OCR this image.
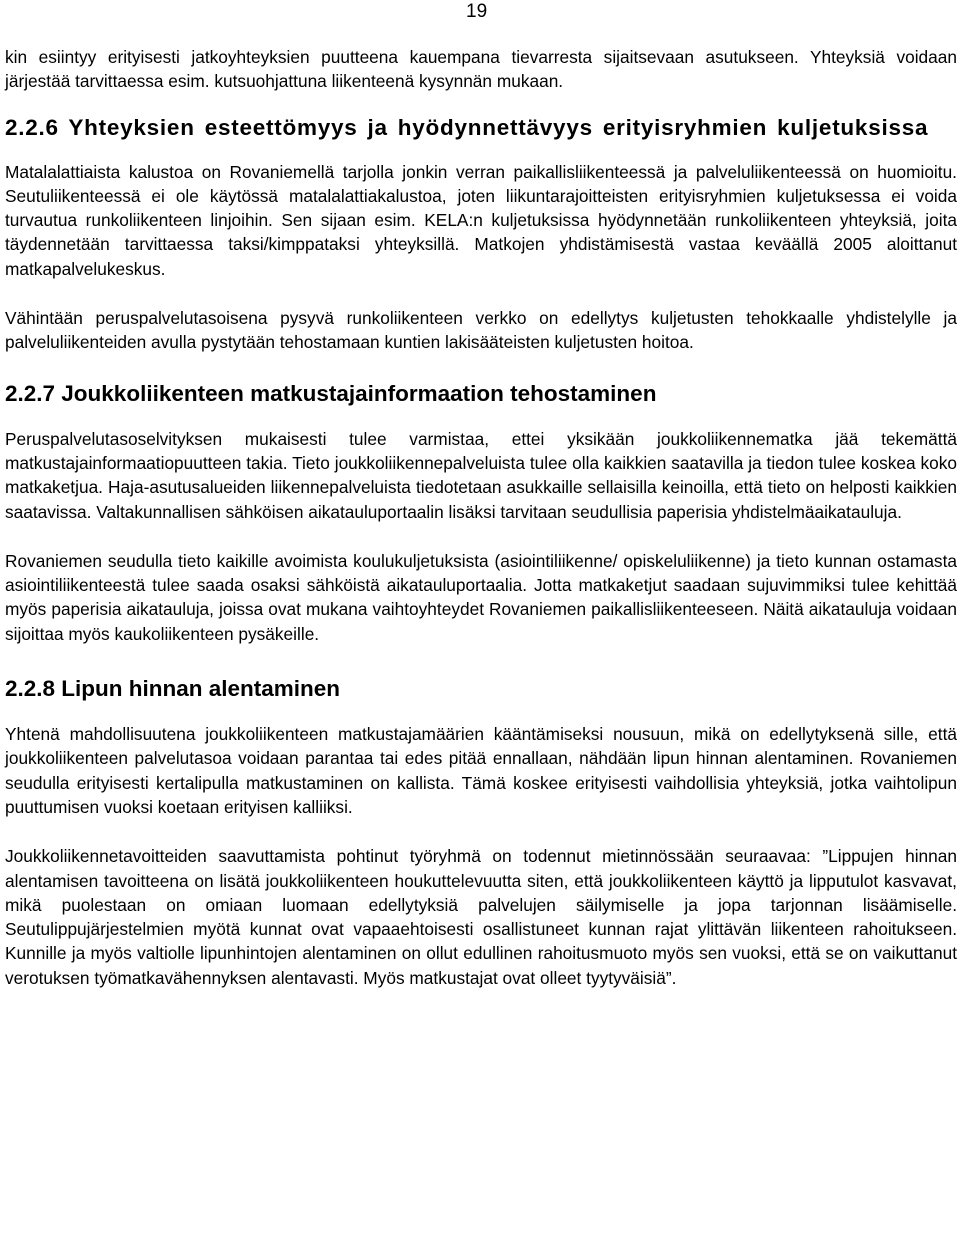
19

kin esiintyy erityisesti jatkoyhteyksien puutteena kauempana tievarresta sijaitsevaan asutukseen. Yhteyksiä voidaan järjestää tarvittaessa esim. kutsuohjattuna liikenteenä kysynnän mukaan.

2.2.6 Yhteyksien esteettömyys ja hyödynnettävyys erityisryhmien kuljetuksissa

Matalalattiaista kalustoa on Rovaniemellä tarjolla jonkin verran paikallisliikenteessä ja palveluliikenteessä on huomioitu. Seutuliikenteessä ei ole käytössä matalalattiakalustoa, joten liikuntarajoitteisten erityisryhmien kuljetuksessa ei voida turvautua runkoliikenteen linjoihin. Sen sijaan esim. KELA:n kuljetuksissa hyödynnetään runkoliikenteen yhteyksiä, joita täydennetään tarvittaessa taksi/kimppataksi yhteyksillä. Matkojen yhdistämisestä vastaa keväällä 2005 aloittanut matkapalvelukeskus.

Vähintään peruspalvelutasoisena pysyvä runkoliikenteen verkko on edellytys kuljetusten tehokkaalle yhdistelylle ja palveluliikenteiden avulla pystytään tehostamaan kuntien lakisääteisten kuljetusten hoitoa.

2.2.7 Joukkoliikenteen matkustajainformaation tehostaminen

Peruspalvelutasoselvityksen mukaisesti tulee varmistaa, ettei yksikään joukkoliikennematka jää tekemättä matkustajainformaatiopuutteen takia. Tieto joukkoliikennepalveluista tulee olla kaikkien saatavilla ja tiedon tulee koskea koko matkaketjua. Haja-asutusalueiden liikennepalveluista tiedotetaan asukkaille sellaisilla keinoilla, että tieto on helposti kaikkien saatavissa. Valtakunnallisen sähköisen aikatauluportaalin lisäksi tarvitaan seudullisia paperisia yhdistelmäaikatauluja.

Rovaniemen seudulla tieto kaikille avoimista koulukuljetuksista (asiointiliikenne/ opiskeluliikenne) ja tieto kunnan ostamasta asiointiliikenteestä tulee saada osaksi sähköistä aikatauluportaalia. Jotta matkaketjut saadaan sujuvimmiksi tulee kehittää myös paperisia aikatauluja, joissa ovat mukana vaihtoyhteydet Rovaniemen paikallisliikenteeseen. Näitä aikatauluja voidaan sijoittaa myös kaukoliikenteen pysäkeille.

2.2.8 Lipun hinnan alentaminen

Yhtenä mahdollisuutena joukkoliikenteen matkustajamäärien kääntämiseksi nousuun, mikä on edellytyksenä sille, että joukkoliikenteen palvelutasoa voidaan parantaa tai edes pitää ennallaan, nähdään lipun hinnan alentaminen. Rovaniemen seudulla erityisesti kertalipulla matkustaminen on kallista. Tämä koskee erityisesti vaihdollisia yhteyksiä, jotka vaihtolipun puuttumisen vuoksi koetaan erityisen kalliiksi.

Joukkoliikennetavoitteiden saavuttamista pohtinut työryhmä on todennut mietinnössään seuraavaa: ”Lippujen hinnan alentamisen tavoitteena on lisätä joukkoliikenteen houkuttelevuutta siten, että joukkoliikenteen käyttö ja lipputulot kasvavat, mikä puolestaan on omiaan luomaan edellytyksiä palvelujen säilymiselle ja jopa tarjonnan lisäämiselle. Seutulippujärjestelmien myötä kunnat ovat vapaaehtoisesti osallistuneet kunnan rajat ylittävän liikenteen rahoitukseen. Kunnille ja myös valtiolle lipunhintojen alentaminen on ollut edullinen rahoitusmuoto myös sen vuoksi, että se on vaikuttanut verotuksen työmatkavähennyksen alentavasti. Myös matkustajat ovat olleet tyytyväisiä”.
